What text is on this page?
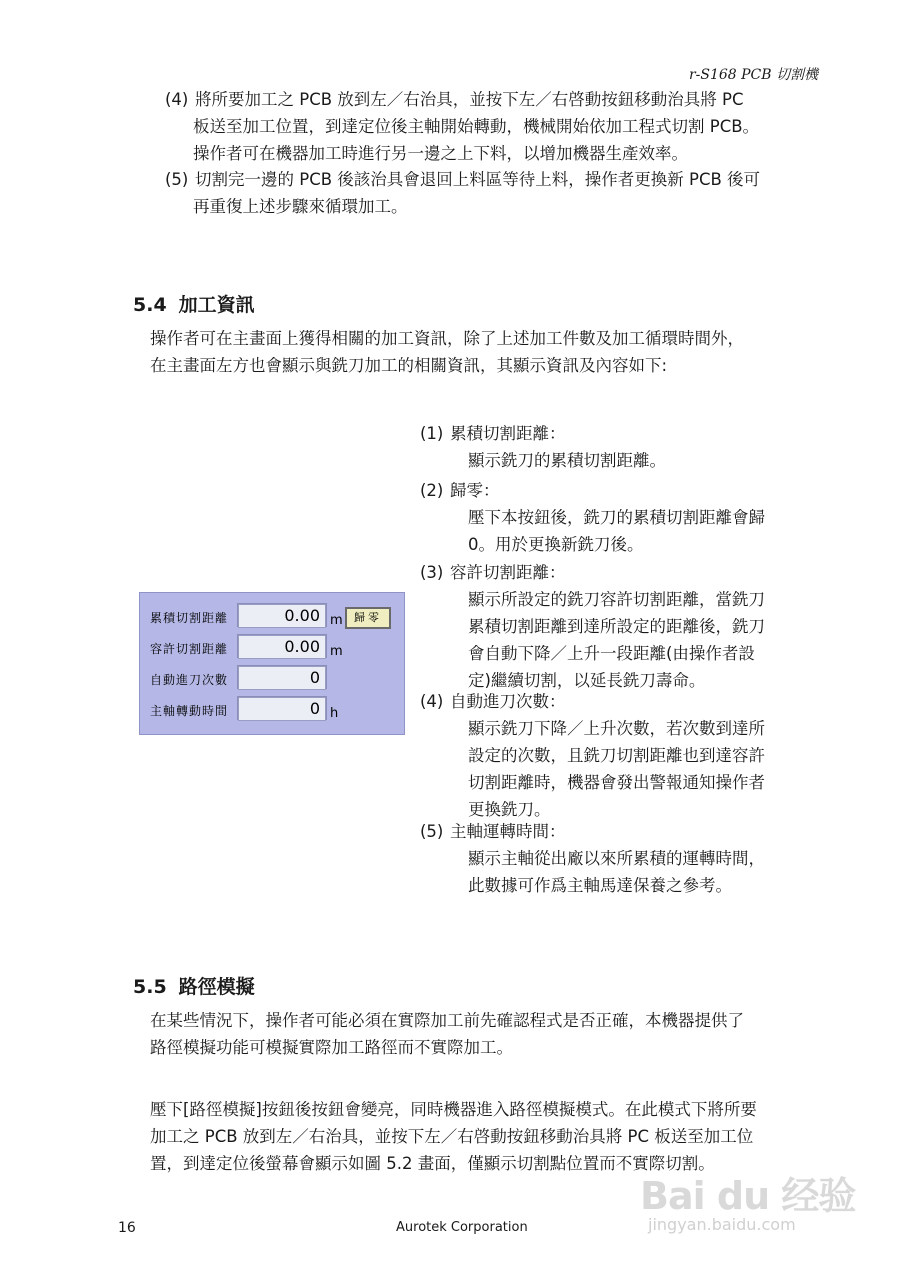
r-S168 PCB 切割機
(4) 將所要加工之 PCB 放到左／右治具，並按下左／右啓動按鈕移動治具將 PC
板送至加工位置，到達定位後主軸開始轉動，機械開始依加工程式切割 PCB。
操作者可在機器加工時進行另一邊之上下料，以增加機器生產效率。
(5) 切割完一邊的 PCB 後該治具會退回上料區等待上料，操作者更換新 PCB 後可
再重復上述步驟來循環加工。
5.4 加工資訊
操作者可在主畫面上獲得相關的加工資訊，除了上述加工件數及加工循環時間外，
在主畫面左方也會顯示與銑刀加工的相關資訊，其顯示資訊及內容如下:
累積切割距離	0.00 m	歸零
容許切割距離	0.00 m
自動進刀次數	0
主軸轉動時間	0 h
(1) 累積切割距離：
顯示銑刀的累積切割距離。
(2) 歸零：
壓下本按鈕後，銑刀的累積切割距離會歸
0。用於更換新銑刀後。
(3) 容許切割距離：
顯示所設定的銑刀容許切割距離，當銑刀
累積切割距離到達所設定的距離後，銑刀
會自動下降／上升一段距離(由操作者設
定)繼續切割，以延長銑刀壽命。
(4) 自動進刀次數：
顯示銑刀下降／上升次數，若次數到達所
設定的次數，且銑刀切割距離也到達容許
切割距離時，機器會發出警報通知操作者
更換銑刀。
(5) 主軸運轉時間：
顯示主軸從出廠以來所累積的運轉時間，
此數據可作爲主軸馬達保養之參考。
5.5 路徑模擬
在某些情況下，操作者可能必須在實際加工前先確認程式是否正確，本機器提供了
路徑模擬功能可模擬實際加工路徑而不實際加工。
壓下[路徑模擬]按鈕後按鈕會變亮，同時機器進入路徑模擬模式。在此模式下將所要
加工之 PCB 放到左／右治具，並按下左／右啓動按鈕移動治具將 PC 板送至加工位
置，到達定位後螢幕會顯示如圖 5.2 畫面，僅顯示切割點位置而不實際切割。
Bai du 经验
jingyan.baidu.com
16	Aurotek Corporation
